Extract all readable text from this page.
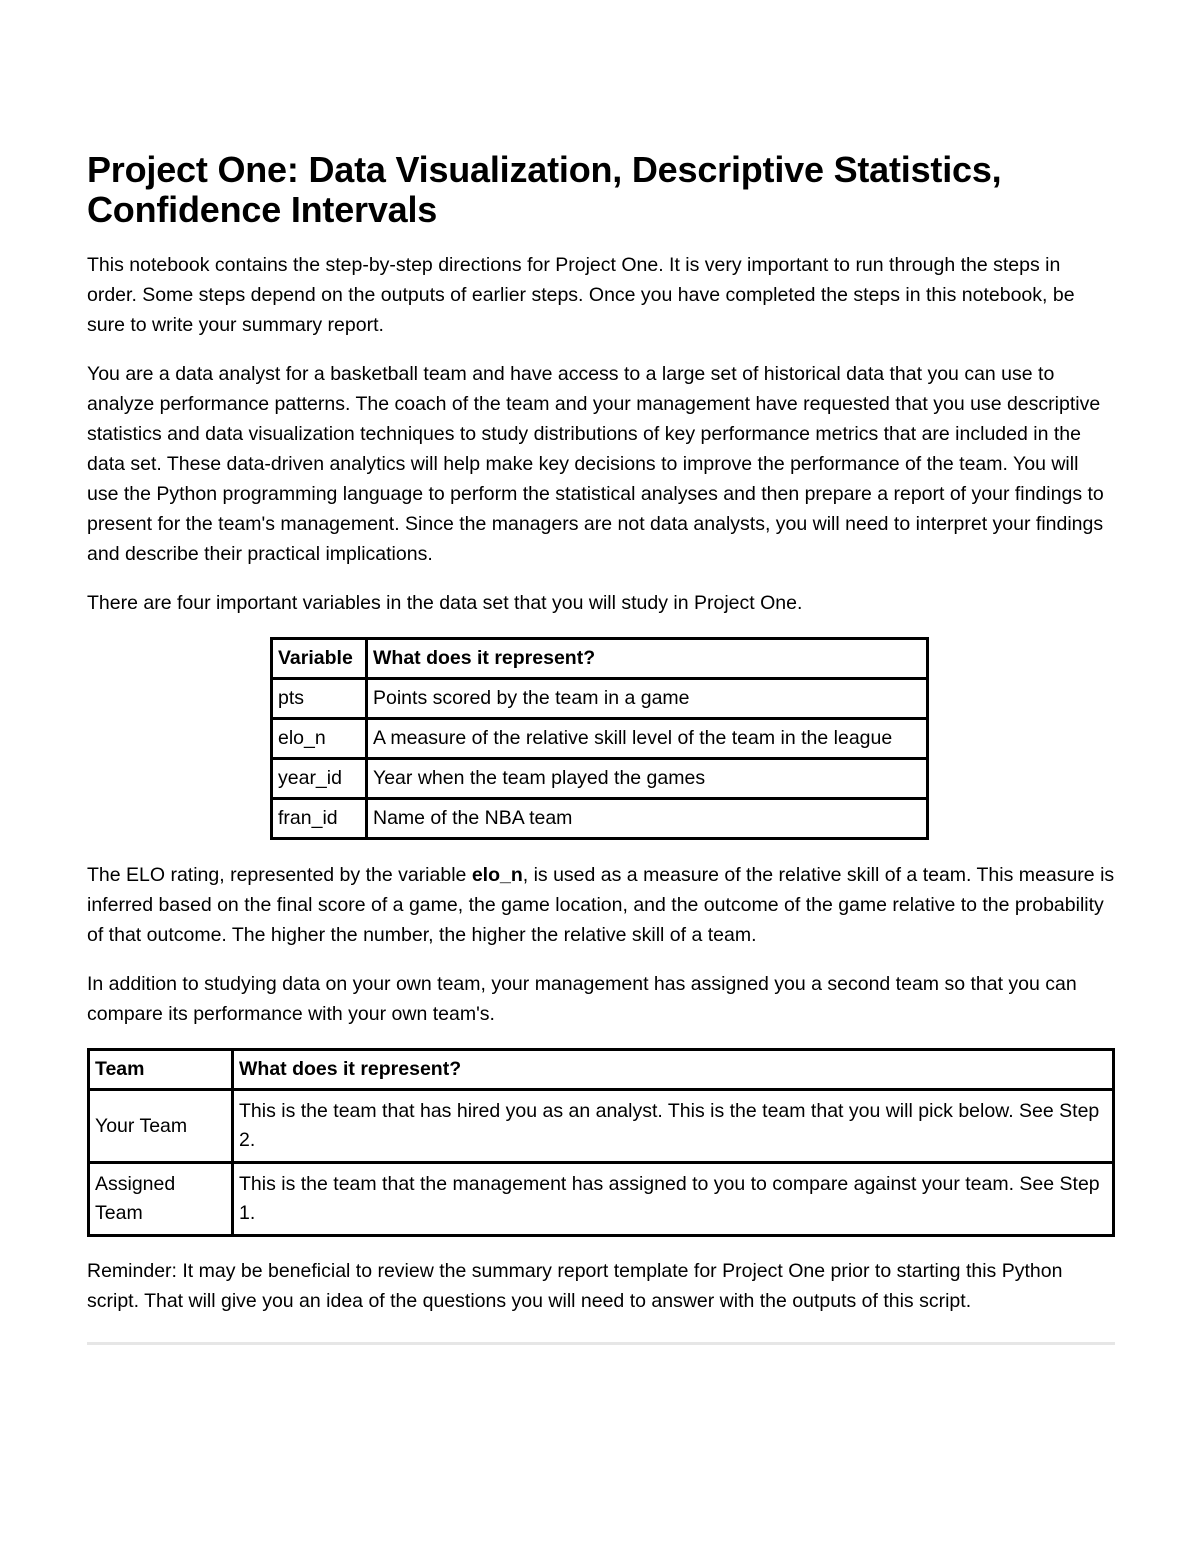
Project One: Data Visualization, Descriptive Statistics, Confidence Intervals

This notebook contains the step-by-step directions for Project One. It is very important to run through the steps in order. Some steps depend on the outputs of earlier steps. Once you have completed the steps in this notebook, be sure to write your summary report.

You are a data analyst for a basketball team and have access to a large set of historical data that you can use to analyze performance patterns. The coach of the team and your management have requested that you use descriptive statistics and data visualization techniques to study distributions of key performance metrics that are included in the data set. These data-driven analytics will help make key decisions to improve the performance of the team. You will use the Python programming language to perform the statistical analyses and then prepare a report of your findings to present for the team's management. Since the managers are not data analysts, you will need to interpret your findings and describe their practical implications.

There are four important variables in the data set that you will study in Project One.

Variable	What does it represent?
pts	Points scored by the team in a game
elo_n	A measure of the relative skill level of the team in the league
year_id	Year when the team played the games
fran_id	Name of the NBA team

The ELO rating, represented by the variable elo_n, is used as a measure of the relative skill of a team. This measure is inferred based on the final score of a game, the game location, and the outcome of the game relative to the probability of that outcome. The higher the number, the higher the relative skill of a team.

In addition to studying data on your own team, your management has assigned you a second team so that you can compare its performance with your own team's.

Team	What does it represent?
Your Team	This is the team that has hired you as an analyst. This is the team that you will pick below. See Step 2.
Assigned Team	This is the team that the management has assigned to you to compare against your team. See Step 1.

Reminder: It may be beneficial to review the summary report template for Project One prior to starting this Python script. That will give you an idea of the questions you will need to answer with the outputs of this script.
